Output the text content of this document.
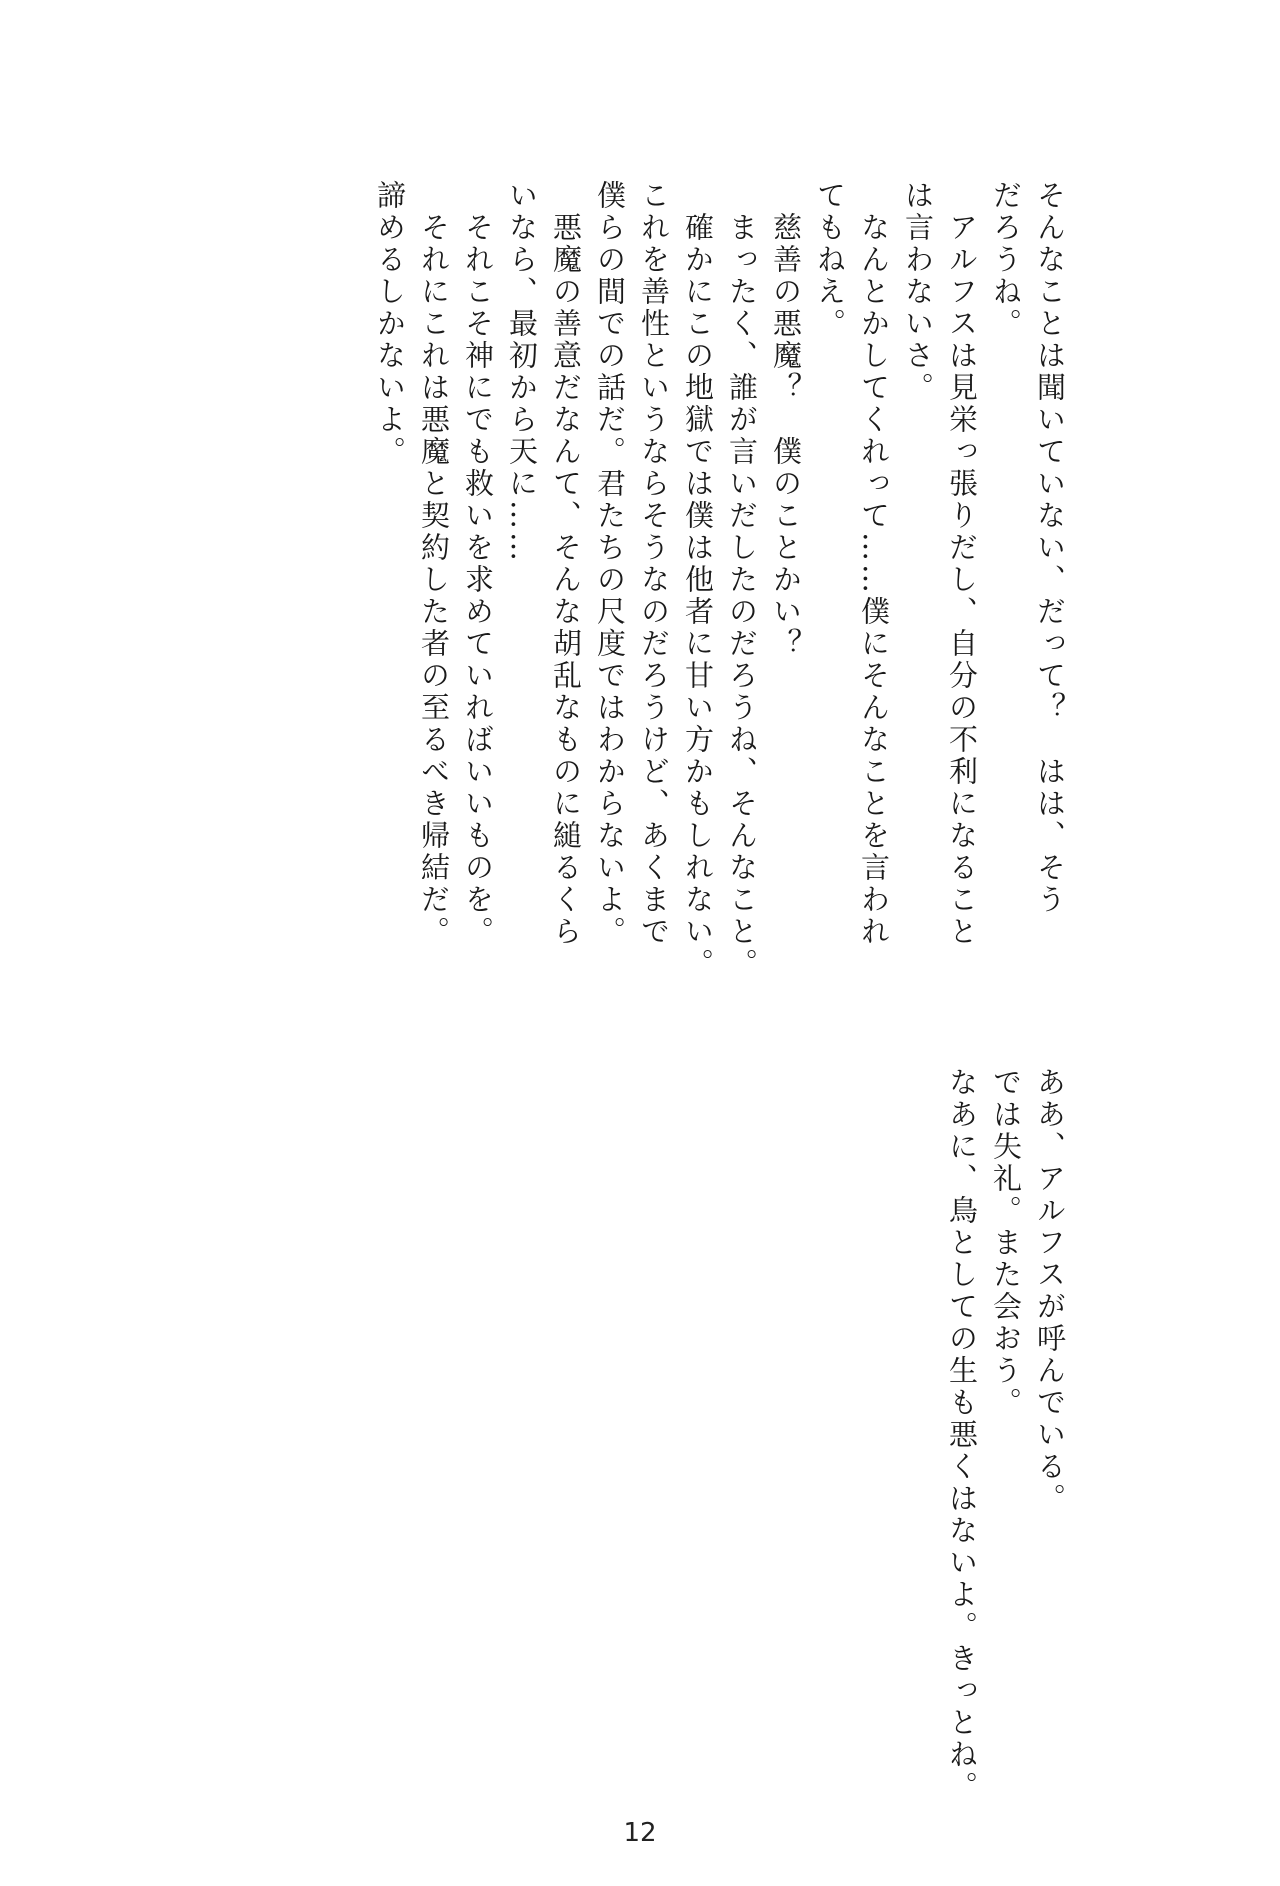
そんなことは聞いていない、だって？　はは、そう
だろうね。
　アルフスは見栄っ張りだし、自分の不利になること
は言わないさ。
　なんとかしてくれって……僕にそんなことを言われ
てもねえ。
　慈善の悪魔？　僕のことかい？
　まったく、誰が言いだしたのだろうね、そんなこと。
　確かにこの地獄では僕は他者に甘い方かもしれない。
これを善性というならそうなのだろうけど、あくまで
僕らの間での話だ。君たちの尺度ではわからないよ。
　悪魔の善意だなんて、そんな胡乱なものに縋るくら
いなら、最初から天に……
　それこそ神にでも救いを求めていればいいものを。
　それにこれは悪魔と契約した者の至るべき帰結だ。
諦めるしかないよ。
　ああ、アルフスが呼んでいる。
　では失礼。また会おう。
　なあに、鳥としての生も悪くはないよ。きっとね。
12
